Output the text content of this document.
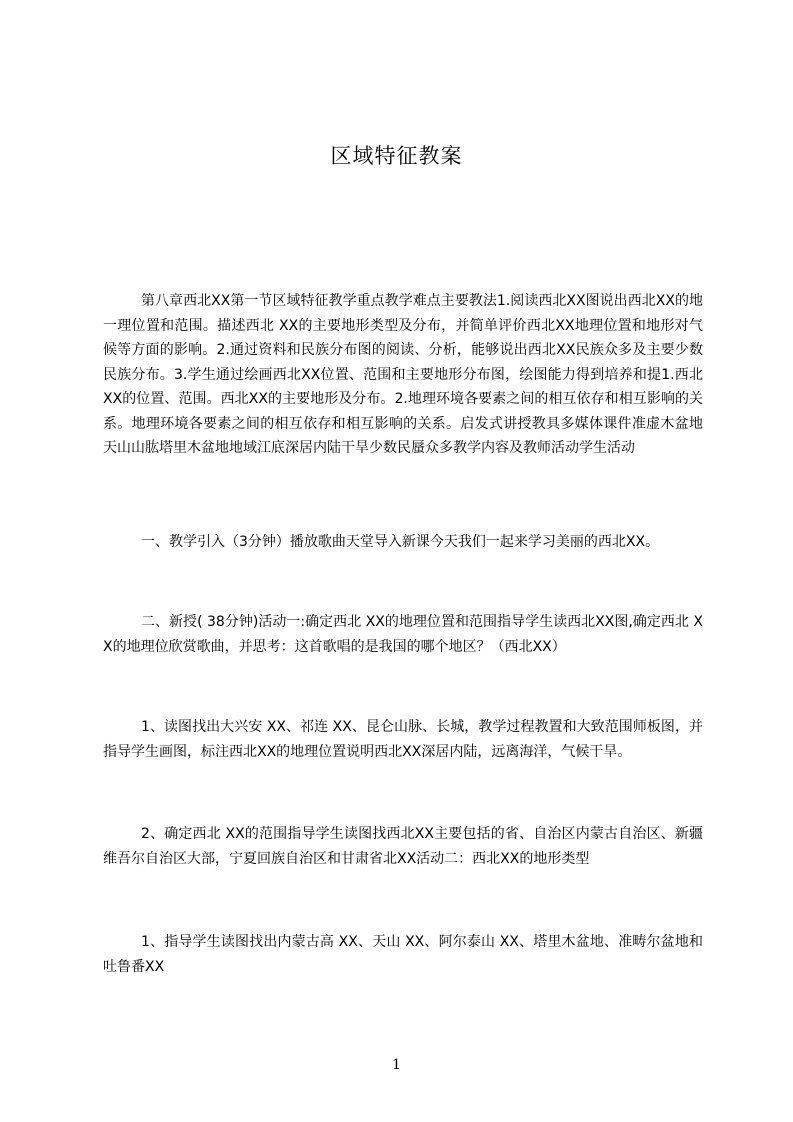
区域特征教案

第八章西北XX第一节区域特征教学重点教学难点主要教法1.阅读西北XX图说出西北XX的地一理位置和范围。描述西北 XX的主要地形类型及分布，并简单评价西北XX地理位置和地形对气候等方面的影响。2.通过资料和民族分布图的阅读、分析，能够说出西北XX民族众多及主要少数民族分布。3.学生通过绘画西北XX位置、范围和主要地形分布图，绘图能力得到培养和提1.西北XX的位置、范围。西北XX的主要地形及分布。2.地理环境各要素之间的相互依存和相互影响的关系。地理环境各要素之间的相互依存和相互影响的关系。启发式讲授教具多媒体课件准虚木盆地天山山肱塔里木盆地地域江底深居内陆干旱少数民蜃众多教学内容及教师活动学生活动

一、教学引入（3分钟）播放歌曲天堂导入新课今天我们一起来学习美丽的西北XX。

二、新授( 38分钟)活动一:确定西北 XX的地理位置和范围指导学生读西北XX图,确定西北 XX的地理位欣赏歌曲，并思考：这首歌唱的是我国的哪个地区？（西北XX）

1、读图找出大兴安 XX、祁连 XX、昆仑山脉、长城，教学过程教置和大致范围师板图，并指导学生画图，标注西北XX的地理位置说明西北XX深居内陆，远离海洋，气候干旱。

2、确定西北 XX的范围指导学生读图找西北XX主要包括的省、自治区内蒙古自治区、新疆维吾尔自治区大部，宁夏回族自治区和甘肃省北XX活动二：西北XX的地形类型

1、指导学生读图找出内蒙古高 XX、天山 XX、阿尔泰山 XX、塔里木盆地、准畴尔盆地和吐鲁番XX

1
